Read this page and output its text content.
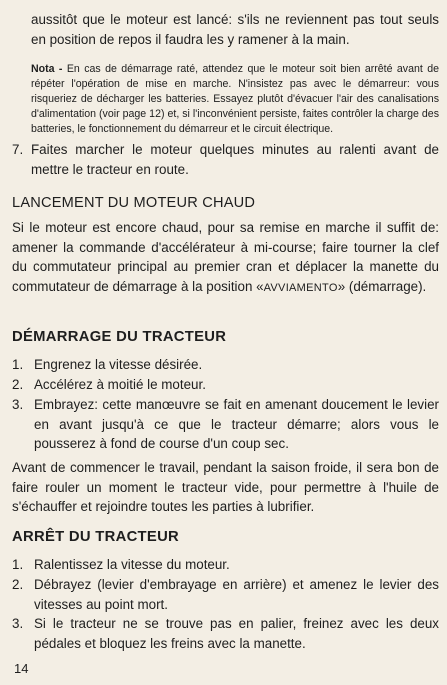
aussitôt que le moteur est lancé: s'ils ne reviennent pas tout seuls en position de repos il faudra les y ramener à la main.

Nota - En cas de démarrage raté, attendez que le moteur soit bien arrêté avant de répéter l'opération de mise en marche. N'insistez pas avec le démarreur: vous risqueriez de décharger les batteries. Essayez plutôt d'évacuer l'air des canalisations d'alimentation (voir page 12) et, si l'inconvénient persiste, faites contrôler la charge des batteries, le fonctionnement du démarreur et le circuit électrique.

7. Faites marcher le moteur quelques minutes au ralenti avant de mettre le tracteur en route.
LANCEMENT DU MOTEUR CHAUD

Si le moteur est encore chaud, pour sa remise en marche il suffit de: amener la commande d'accélérateur à mi-course; faire tourner la clef du commutateur principal au premier cran et déplacer la manette du commutateur de démarrage à la position «AVVIAMENTO» (démarrage).

DÉMARRAGE DU TRACTEUR
1. Engrenez la vitesse désirée.
2. Accélérez à moitié le moteur.
3. Embrayez: cette manœuvre se fait en amenant doucement le levier en avant jusqu'à ce que le tracteur démarre; alors vous le pousserez à fond de course d'un coup sec.

Avant de commencer le travail, pendant la saison froide, il sera bon de faire rouler un moment le tracteur vide, pour permettre à l'huile de s'échauffer et rejoindre toutes les parties à lubrifier.

ARRÊT DU TRACTEUR
1. Ralentissez la vitesse du moteur.
2. Débrayez (levier d'embrayage en arrière) et amenez le levier des vitesses au point mort.
3. Si le tracteur ne se trouve pas en palier, freinez avec les deux pédales et bloquez les freins avec la manette.
14
